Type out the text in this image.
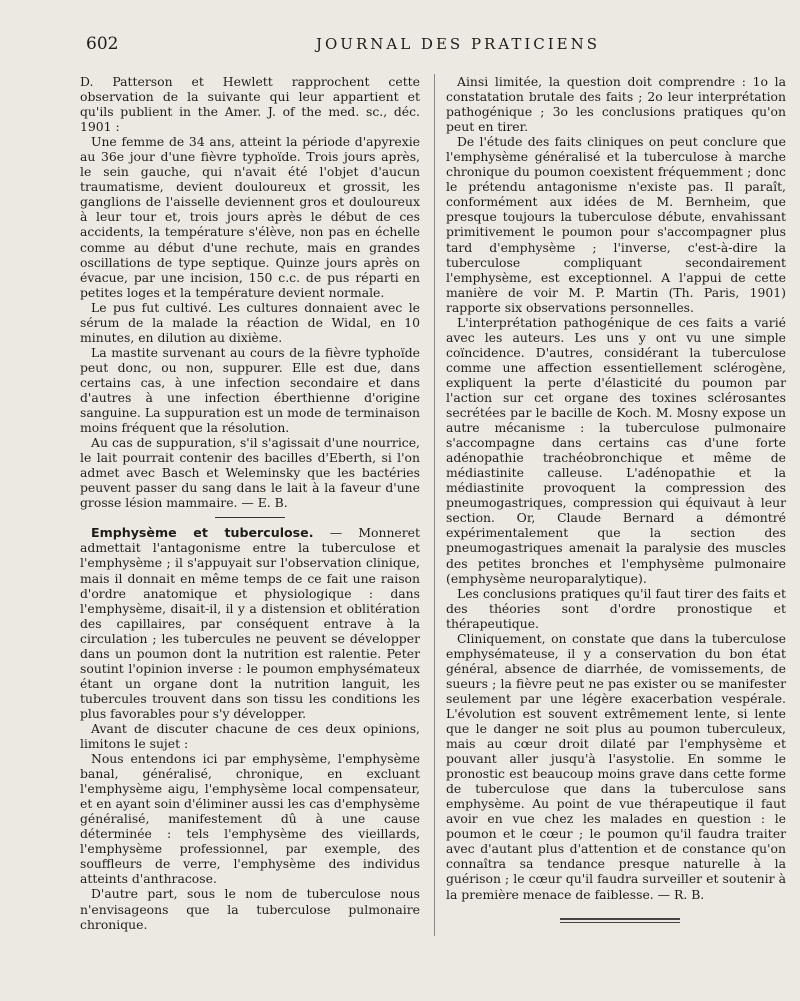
602	JOURNAL DES PRATICIENS

D. Patterson et Hewlett rapprochent cette observation de la suivante qui leur appartient et qu'ils publient in the Amer. J. of the med. sc., déc. 1901 :

Une femme de 34 ans, atteint la période d'apyrexie au 36e jour d'une fièvre typhoïde. Trois jours après, le sein gauche, qui n'avait été l'objet d'aucun traumatisme, devient douloureux et grossit, les ganglions de l'aisselle deviennent gros et douloureux à leur tour et, trois jours après le début de ces accidents, la température s'élève, non pas en échelle comme au début d'une rechute, mais en grandes oscillations de type septique. Quinze jours après on évacue, par une incision, 150 c.c. de pus réparti en petites loges et la température devient normale.

Le pus fut cultivé. Les cultures donnaient avec le sérum de la malade la réaction de Widal, en 10 minutes, en dilution au dixième.

La mastite survenant au cours de la fièvre typhoïde peut donc, ou non, suppurer. Elle est due, dans certains cas, à une infection secondaire et dans d'autres à une infection éberthienne d'origine sanguine. La suppuration est un mode de terminaison moins fréquent que la résolution.

Au cas de suppuration, s'il s'agissait d'une nourrice, le lait pourrait contenir des bacilles d'Eberth, si l'on admet avec Basch et Weleminsky que les bactéries peuvent passer du sang dans le lait à la faveur d'une grosse lésion mammaire. — E. B.

Emphysème et tuberculose. — Monneret admettait l'antagonisme entre la tuberculose et l'emphysème ; il s'appuyait sur l'observation clinique, mais il donnait en même temps de ce fait une raison d'ordre anatomique et physiologique : dans l'emphysème, disait-il, il y a distension et oblitération des capillaires, par conséquent entrave à la circulation ; les tubercules ne peuvent se développer dans un poumon dont la nutrition est ralentie. Peter soutint l'opinion inverse : le poumon emphysémateux étant un organe dont la nutrition languit, les tubercules trouvent dans son tissu les conditions les plus favorables pour s'y développer.

Avant de discuter chacune de ces deux opinions, limitons le sujet :

Nous entendons ici par emphysème, l'emphysème banal, généralisé, chronique, en excluant l'emphysème aigu, l'emphysème local compensateur, et en ayant soin d'éliminer aussi les cas d'emphysème généralisé, manifestement dû à une cause déterminée : tels l'emphysème des vieillards, l'emphysème professionnel, par exemple, des souffleurs de verre, l'emphysème des individus atteints d'anthracose.

D'autre part, sous le nom de tuberculose nous n'envisageons que la tuberculose pulmonaire chronique.

Ainsi limitée, la question doit comprendre : 1o la constatation brutale des faits ; 2o leur interprétation pathogénique ; 3o les conclusions pratiques qu'on peut en tirer.

De l'étude des faits cliniques on peut conclure que l'emphysème généralisé et la tuberculose à marche chronique du poumon coexistent fréquemment ; donc le prétendu antagonisme n'existe pas. Il paraît, conformément aux idées de M. Bernheim, que presque toujours la tuberculose débute, envahissant primitivement le poumon pour s'accompagner plus tard d'emphysème ; l'inverse, c'est-à-dire la tuberculose compliquant secondairement l'emphysème, est exceptionnel. A l'appui de cette manière de voir M. P. Martin (Th. Paris, 1901) rapporte six observations personnelles.

L'interprétation pathogénique de ces faits a varié avec les auteurs. Les uns y ont vu une simple coïncidence. D'autres, considérant la tuberculose comme une affection essentiellement sclérogène, expliquent la perte d'élasticité du poumon par l'action sur cet organe des toxines sclérosantes secrétées par le bacille de Koch. M. Mosny expose un autre mécanisme : la tuberculose pulmonaire s'accompagne dans certains cas d'une forte adénopathie trachéobronchique et même de médiastinite calleuse. L'adénopathie et la médiastinite provoquent la compression des pneumogastriques, compression qui équivaut à leur section. Or, Claude Bernard a démontré expérimentalement que la section des pneumogastriques amenait la paralysie des muscles des petites bronches et l'emphysème pulmonaire (emphysème neuroparalytique).

Les conclusions pratiques qu'il faut tirer des faits et des théories sont d'ordre pronostique et thérapeutique.

Cliniquement, on constate que dans la tuberculose emphysémateuse, il y a conservation du bon état général, absence de diarrhée, de vomissements, de sueurs ; la fièvre peut ne pas exister ou se manifester seulement par une légère exacerbation vespérale. L'évolution est souvent extrêmement lente, si lente que le danger ne soit plus au poumon tuberculeux, mais au cœur droit dilaté par l'emphysème et pouvant aller jusqu'à l'asystolie. En somme le pronostic est beaucoup moins grave dans cette forme de tuberculose que dans la tuberculose sans emphysème. Au point de vue thérapeutique il faut avoir en vue chez les malades en question : le poumon et le cœur ; le poumon qu'il faudra traiter avec d'autant plus d'attention et de constance qu'on connaîtra sa tendance presque naturelle à la guérison ; le cœur qu'il faudra surveiller et soutenir à la première menace de faiblesse. — R. B.
